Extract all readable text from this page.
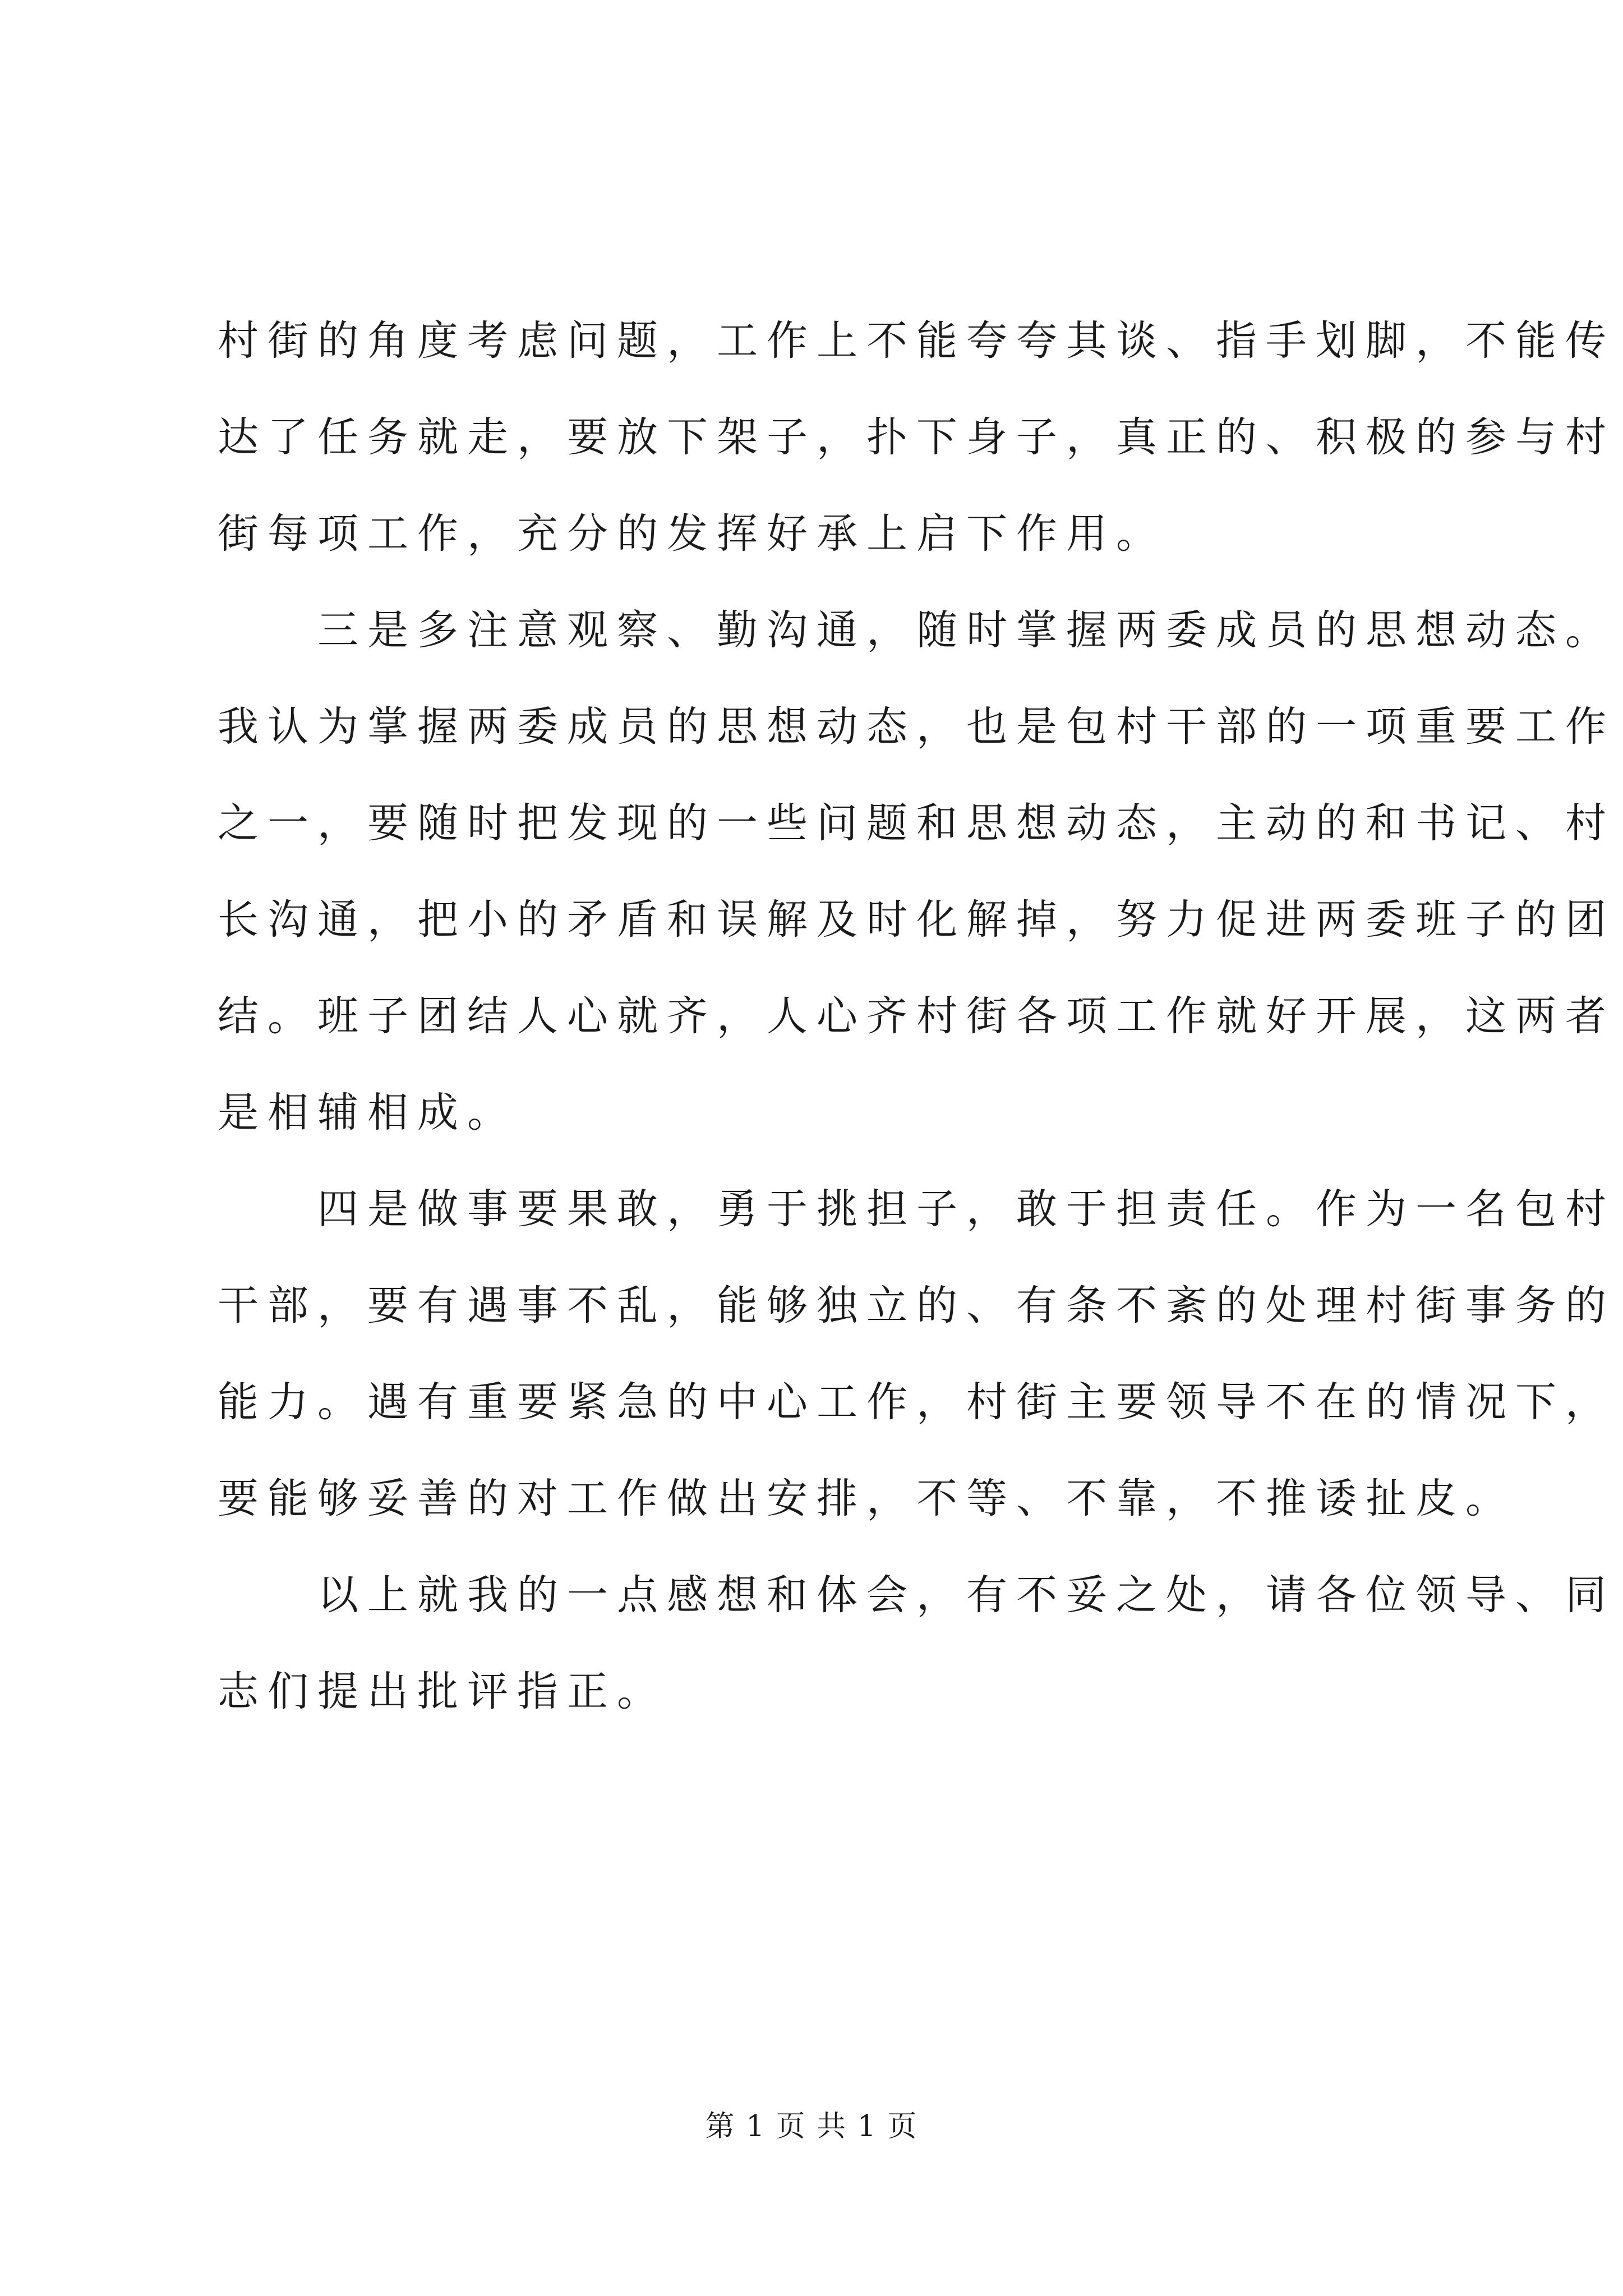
村街的角度考虑问题，工作上不能夸夸其谈、指手划脚，不能传
达了任务就走，要放下架子，扑下身子，真正的、积极的参与村
街每项工作，充分的发挥好承上启下作用。
　　三是多注意观察、勤沟通，随时掌握两委成员的思想动态。
我认为掌握两委成员的思想动态，也是包村干部的一项重要工作
之一，要随时把发现的一些问题和思想动态，主动的和书记、村
长沟通，把小的矛盾和误解及时化解掉，努力促进两委班子的团
结。班子团结人心就齐，人心齐村街各项工作就好开展，这两者
是相辅相成。
　　四是做事要果敢，勇于挑担子，敢于担责任。作为一名包村
干部，要有遇事不乱，能够独立的、有条不紊的处理村街事务的
能力。遇有重要紧急的中心工作，村街主要领导不在的情况下，
要能够妥善的对工作做出安排，不等、不靠，不推诿扯皮。
　　以上就我的一点感想和体会，有不妥之处，请各位领导、同
志们提出批评指正。
第 1 页 共 1 页
